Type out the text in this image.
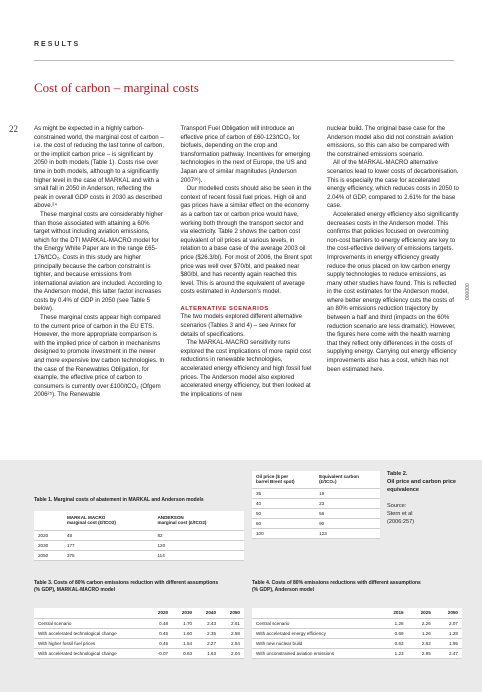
RESULTS
Cost of carbon – marginal costs
22	As might be expected in a highly carbon-constrained world, the marginal cost of carbon – i.e. the cost of reducing the last tonne of carbon, or the implicit carbon price – is significant by 2050 in both models (Table 1). Costs rise over time in both models, although to a significantly higher level in the case of MARKAL and with a small fall in 2050 in Anderson, reflecting the peak in overall GDP costs in 2030 as described above.²⁴

These marginal costs are considerably higher than those associated with attaining a 60% target without including aviation emissions, which for the DTI MARKAL-MACRO model for the Energy White Paper are in the range £65-176/tCO₂. Costs in this study are higher principally because the carbon constraint is tighter, and because emissions from international aviation are included. According to the Anderson model, this latter factor increases costs by 0.4% of GDP in 2050 (see Table 5 below).

These marginal costs appear high compared to the current price of carbon in the EU ETS. However, the more appropriate comparison is with the implied price of carbon in mechanisms designed to promote investment in the newer and more expensive low carbon technologies. In the case of the Renewables Obligation, for example, the effective price of carbon to consumers is currently over £100/tCO₂ (Ofgem 2006²⁵). The Renewable

Transport Fuel Obligation will introduce an effective price of carbon of £60-123/tCO₂ for biofuels, depending on the crop and transformation pathway. Incentives for emerging technologies in the next of Europe, the US and Japan are of similar magnitudes (Anderson 2007²⁶).

Our modelled costs should also be seen in the context of recent fossil fuel prices. High oil and gas prices have a similar effect on the economy as a carbon tax or carbon price would have, working both through the transport sector and via electricity. Table 2 shows the carbon cost equivalent of oil prices at various levels, in relation to a base case of the average 2003 oil price ($26.3/bl). For most of 2006, the Brent spot price was well over $70/bl, and peaked near $80/bl, and has recently again reached this level. This is around the equivalent of average costs estimated in Anderson's model.

ALTERNATIVE SCENARIOS

The two models explored different alternative scenarios (Tables 3 and 4) – see Annex for details of specifications.

The MARKAL-MACRO sensitivity runs explored the cost implications of more rapid cost reductions in renewable technologies, accelerated energy efficiency and high fossil fuel prices. The Anderson model also explored accelerated energy efficiency, but then looked at the implications of new

nuclear build. The original base case for the Anderson model also did not constrain aviation emissions, so this can also be compared with the constrained emissions scenario.

All of the MARKAL-MACRO alternative scenarios lead to lower costs of decarbonisation. This is especially the case for accelerated energy efficiency, which reduces costs in 2050 to 2.04% of GDP, compared to 2.61% for the base case.

Accelerated energy efficiency also significantly decreases costs in the Anderson model. This confirms that policies focused on overcoming non-cost barriers to energy efficiency are key to the cost-effective delivery of emissions targets. Improvements in energy efficiency greatly reduce the onus placed on low carbon energy supply technologies to reduce emissions, as many other studies have found. This is reflected in the cost estimates for the Anderson model, where better energy efficiency cuts the costs of an 80% emissions reduction trajectory by between a half and third (impacts on the 60% reduction scenario are less dramatic). However, the figures here come with the health warning that they reflect only differences in the costs of supplying energy. Carrying out energy efficiency improvements also has a cost, which has not been estimated here.

000000
Table 1. Marginal costs of abatement in MARKAL and Anderson models
	MARKAL MACRO
marginal cost (£/tCO2)	ANDERSON
marginal cost (£/tCO2)
2020	48	82
2030	177	120
2050	375	114
Oil price ($ per
barrel Brent spot)	Equivalent carbon
(£/tCO₂)
35	19
40	23
50	56
60	90
100	123
Table 2.
Oil price and carbon price equivalence
Source:
Stern et al
(2006:257)
Table 3. Costs of 80% carbon emissions reduction with different assumptions
(% GDP), MARKAL-MACRO model
	2020	2030	2040	2050
Central scenario	0.48	1.70	2.43	2.61
With accelerated technological change	0.45	1.60	2.35	2.58
With higher fossil fuel prices	0.45	1.54	2.27	2.54
With accelerated technological change	-0.07	0.63	1.63	2.04
Table 4. Costs of 80% emissions reductions with different assumptions
(% GDP), Anderson model
	2015	2025	2050
Central scenario	1.26	2.26	2.07
With accelerated energy efficiency	0.69	1.26	1.28
With new nuclear build	0.63	2.62	1.95
With unconstrained aviation emissions	1.23	2.95	2.47
